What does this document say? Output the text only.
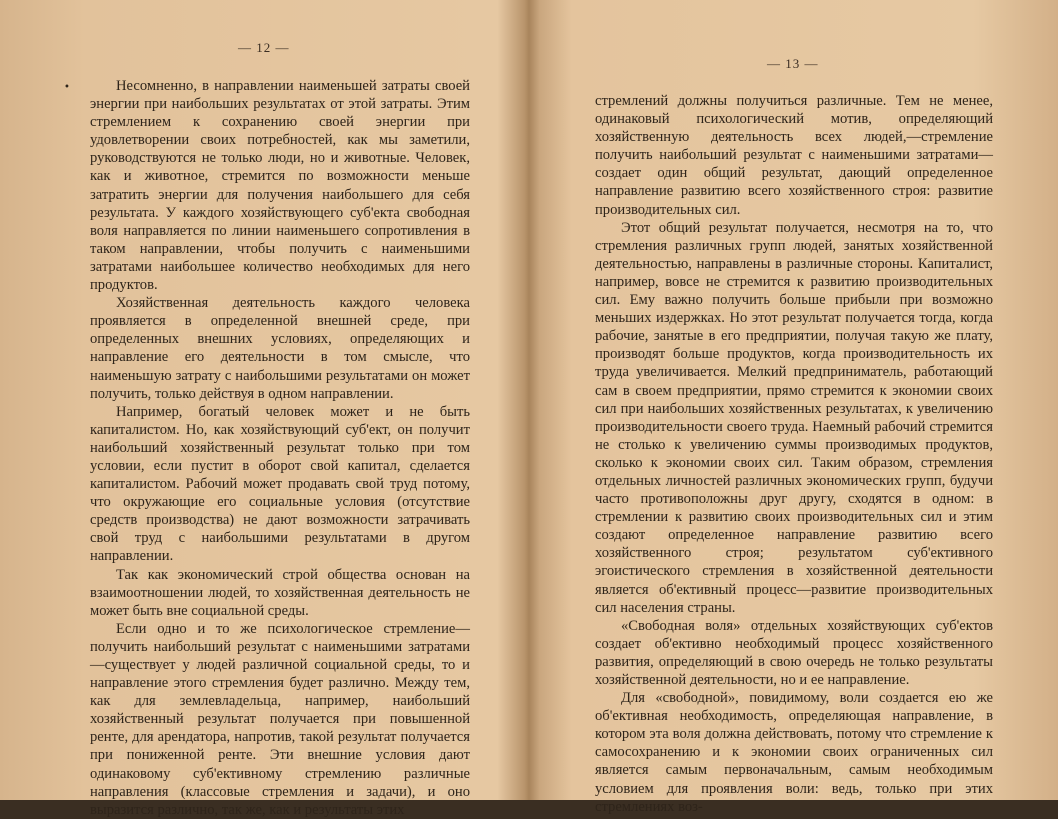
— 12 —
•	Несомненно, в направлении наименьшей затраты своей энергии при наибольших результатах от этой затраты. Этим стремлением к сохранению своей энергии при удовлетворении своих потребностей, как мы заметили, руководствуются не только люди, но и животные. Человек, как и животное, стремится по возможности меньше затратить энергии для получения наибольшего для себя результата. У каждого хозяйствующего суб'екта свободная воля направляется по линии наименьшего сопротивления в таком направлении, чтобы получить с наименьшими затратами наибольшее количество необходимых для него продуктов.

Хозяйственная деятельность каждого человека проявляется в определенной внешней среде, при определенных внешних условиях, определяющих и направление его деятельности в том смысле, что наименьшую затрату с наибольшими результатами он может получить, только действуя в одном направлении.

Например, богатый человек может и не быть капиталистом. Но, как хозяйствующий суб'ект, он получит наибольший хозяйственный результат только при том условии, если пустит в оборот свой капитал, сделается капиталистом. Рабочий может продавать свой труд потому, что окружающие его социальные условия (отсутствие средств производства) не дают возможности затрачивать свой труд с наибольшими результатами в другом направлении.

Так как экономический строй общества основан на взаимоотношении людей, то хозяйственная деятельность не может быть вне социальной среды.

Если одно и то же психологическое стремление—получить наибольший результат с наименьшими затратами—существует у людей различной социальной среды, то и направление этого стремления будет различно. Между тем, как для землевладельца, например, наибольший хозяйственный результат получается при повышенной ренте, для арендатора, напротив, такой результат получается при пониженной ренте. Эти внешние условия дают одинаковому суб'ективному стремлению различные направления (классовые стремления и задачи), и оно выразится различно, так же, как и результаты этих

— 13 —

стремлений должны получиться различные. Тем не менее, одинаковый психологический мотив, определяющий хозяйственную деятельность всех людей,—стремление получить наибольший результат с наименьшими затратами—создает один общий результат, дающий определенное направление развитию всего хозяйственного строя: развитие производительных сил.

Этот общий результат получается, несмотря на то, что стремления различных групп людей, занятых хозяйственной деятельностью, направлены в различные стороны. Капиталист, например, вовсе не стремится к развитию производительных сил. Ему важно получить больше прибыли при возможно меньших издержках. Но этот результат получается тогда, когда рабочие, занятые в его предприятии, получая такую же плату, производят больше продуктов, когда производительность их труда увеличивается. Мелкий предприниматель, работающий сам в своем предприятии, прямо стремится к экономии своих сил при наибольших хозяйственных результатах, к увеличению производительности своего труда. Наемный рабочий стремится не столько к увеличению суммы производимых продуктов, сколько к экономии своих сил. Таким образом, стремления отдельных личностей различных экономических групп, будучи часто противоположны друг другу, сходятся в одном: в стремлении к развитию своих производительных сил и этим создают определенное направление развитию всего хозяйственного строя; результатом суб'ективного эгоистического стремления в хозяйственной деятельности является об'ективный процесс—развитие производительных сил населения страны.

«Свободная воля» отдельных хозяйствующих суб'ектов создает об'ективно необходимый процесс хозяйственного развития, определяющий в свою очередь не только результаты хозяйственной деятельности, но и ее направление.

Для «свободной», повидимому, воли создается ею же об'ективная необходимость, определяющая направление, в котором эта воля должна действовать, потому что стремление к самосохранению и к экономии своих ограниченных сил является самым первоначальным, самым необходимым условием для проявления воли: ведь, только при этих стремлениях воз-
